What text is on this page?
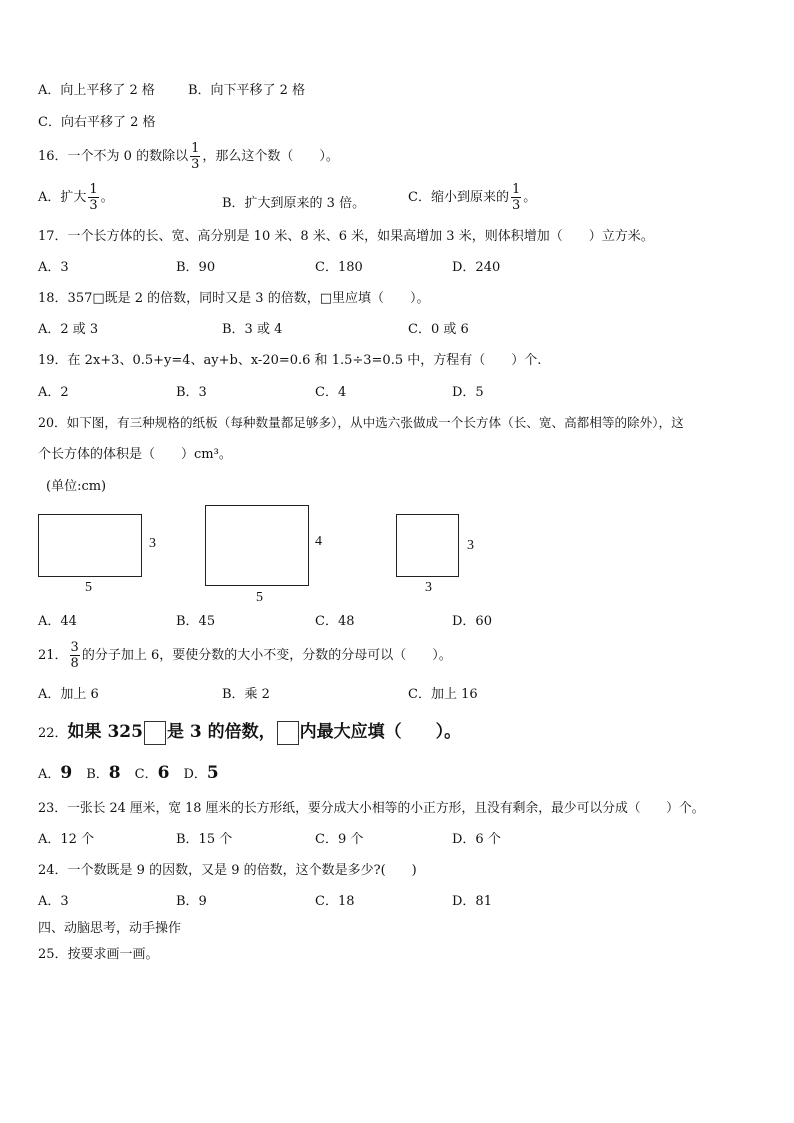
A．向上平移了 2 格	B．向下平移了 2 格
C．向右平移了 2 格
16．一个不为 0 的数除以 $\frac{1}{3}$ ，那么这个数（　　）。
A．扩大 $\frac{1}{3}$ 。	B．扩大到原来的 3 倍。	C．缩小到原来的 $\frac{1}{3}$ 。
17．一个长方体的长、宽、高分别是 10 米、8 米、6 米，如果高增加 3 米，则体积增加（　　）立方米。
A．3	B．90	C．180	D．240
18．357□既是 2 的倍数，同时又是 3 的倍数，□里应填（　　）。
A．2 或 3	B．3 或 4	C．0 或 6
19．在 2x+3、0.5+y=4、ay+b、x-20=0.6 和 1.5÷3=0.5 中，方程有（　　）个.
A．2	B．3	C．4	D．5
20．如下图，有三种规格的纸板（每种数量都足够多），从中选六张做成一个长方体（长、宽、高都相等的除外），这
个长方体的体积是（　　）cm³。
(单位:cm)
3
5
4
5
3
3
A．44	B．45	C．48	D．60
21． $\frac{3}{8}$ 的分子加上 6，要使分数的大小不变，分数的分母可以（　　）。
A．加上 6	B．乘 2	C．加上 16
22．如果 325 是 3 的倍数， 内最大应填（　　）。
A．9 B．8 C．6 D．5
23．一张长 24 厘米，宽 18 厘米的长方形纸，要分成大小相等的小正方形，且没有剩余，最少可以分成（　　）个。
A．12 个	B．15 个	C．9 个	D．6 个
24．一个数既是 9 的因数，又是 9 的倍数，这个数是多少?(　　)
A．3	B．9	C．18	D．81
四、动脑思考，动手操作
25．按要求画一画。
